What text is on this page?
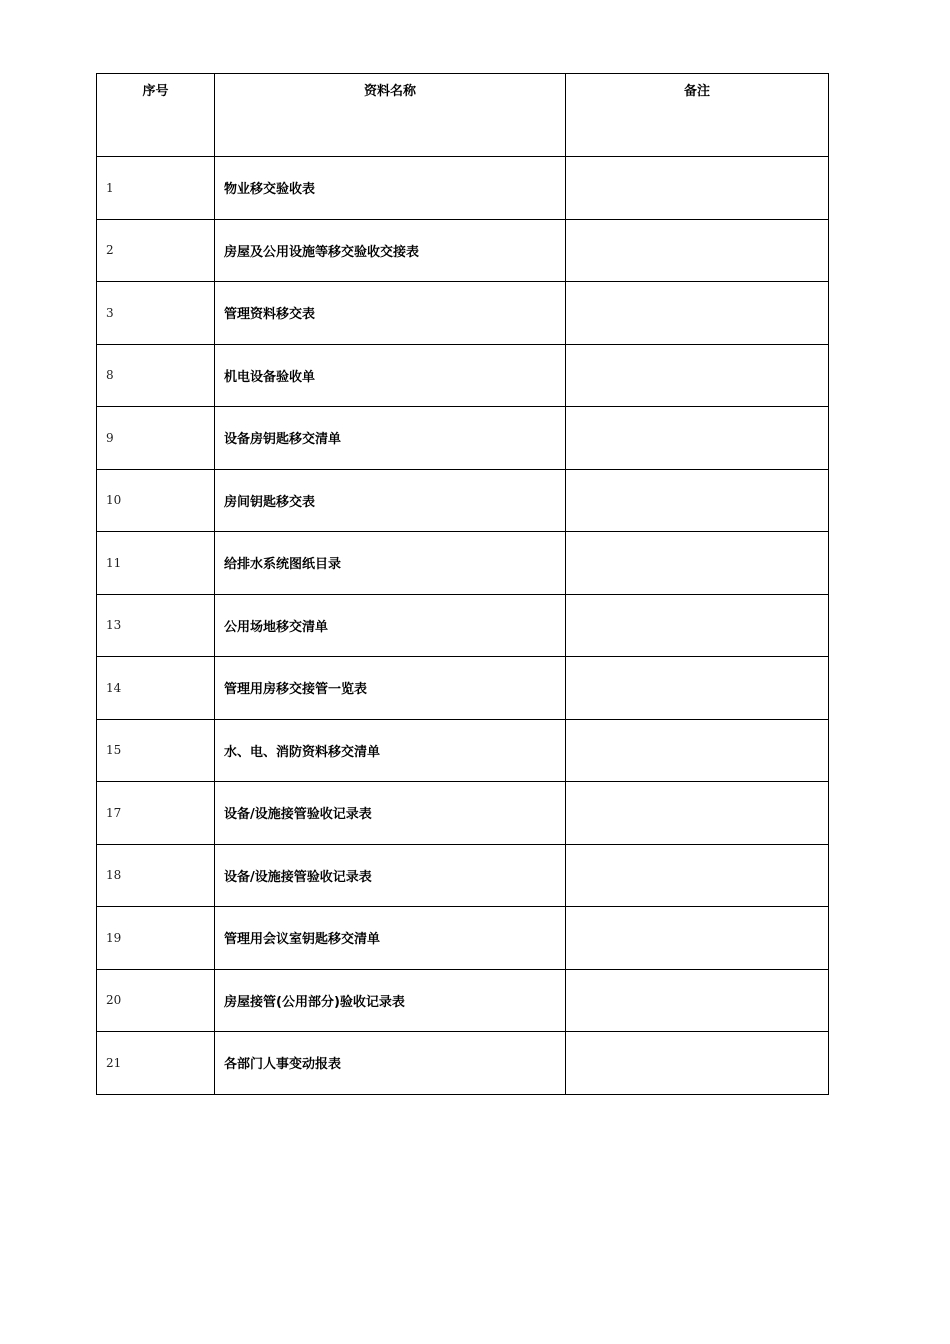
序号	资料名称	备注
1	物业移交验收表	
2	房屋及公用设施等移交验收交接表	
3	管理资料移交表	
8	机电设备验收单	
9	设备房钥匙移交清单	
10	房间钥匙移交表	
11	给排水系统图纸目录	
13	公用场地移交清单	
14	管理用房移交接管一览表	
15	水、电、消防资料移交清单	
17	设备/设施接管验收记录表	
18	设备/设施接管验收记录表	
19	管理用会议室钥匙移交清单	
20	房屋接管(公用部分)验收记录表	
21	各部门人事变动报表	
